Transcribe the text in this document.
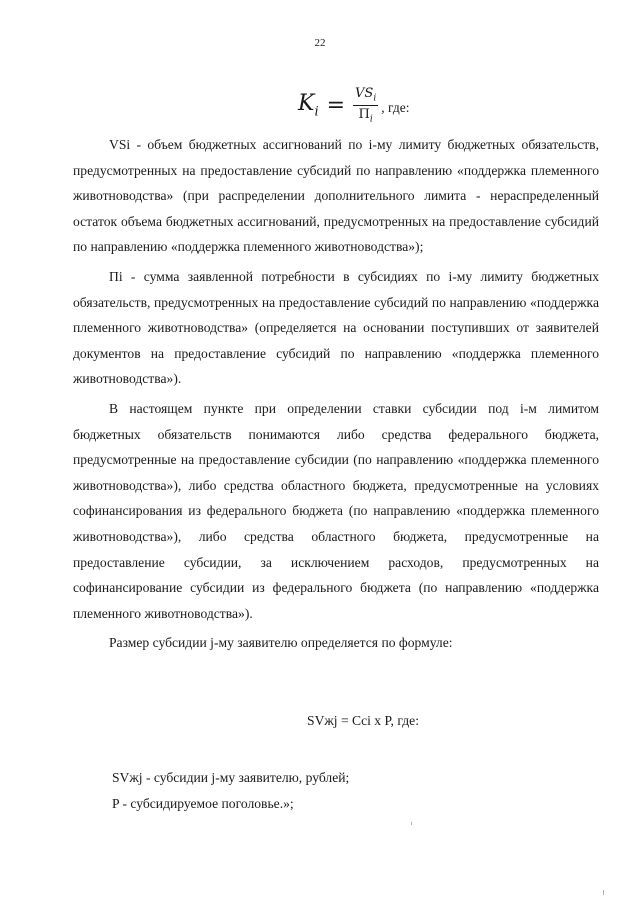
22
$K_i = \frac{VS_i}{П_i}$ , где:

VSi - объем бюджетных ассигнований по i-му лимиту бюджетных обязательств, предусмотренных на предоставление субсидий по направлению «поддержка племенного животноводства» (при распределении дополнительного лимита - нераспределенный остаток объема бюджетных ассигнований, предусмотренных на предоставление субсидий по направлению «поддержка племенного животноводства»);

Пi - сумма заявленной потребности в субсидиях по i-му лимиту бюджетных обязательств, предусмотренных на предоставление субсидий по направлению «поддержка племенного животноводства» (определяется на основании поступивших от заявителей документов на предоставление субсидий по направлению «поддержка племенного животноводства»).

В настоящем пункте при определении ставки субсидии под i-м лимитом бюджетных обязательств понимаются либо средства федерального бюджета, предусмотренные на предоставление субсидии (по направлению «поддержка племенного животноводства»), либо средства областного бюджета, предусмотренные на условиях софинансирования из федерального бюджета (по направлению «поддержка племенного животноводства»), либо средства областного бюджета, предусмотренные на предоставление субсидии, за исключением расходов, предусмотренных на софинансирование субсидии из федерального бюджета (по направлению «поддержка племенного животноводства»).

Размер субсидии j-му заявителю определяется по формуле:

SVжj = Cci x P, где:
SVжj - субсидии j-му заявителю, рублей;
P - субсидируемое поголовье.»;
